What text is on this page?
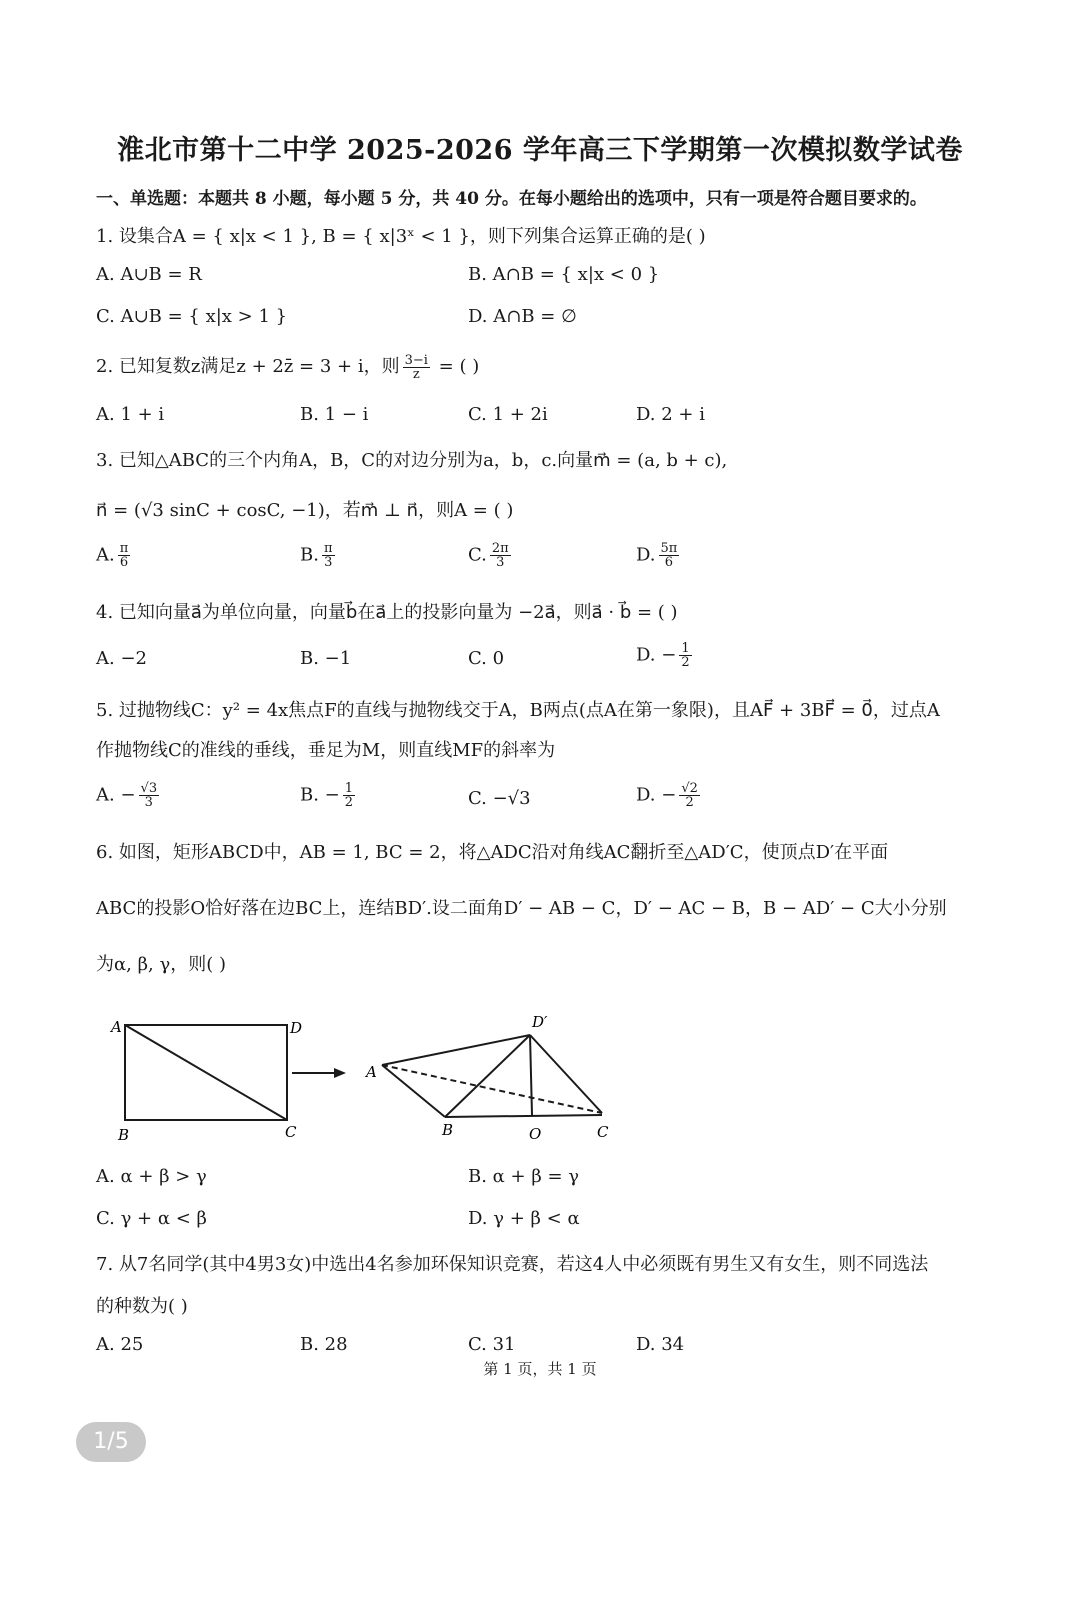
淮北市第十二中学 2025-2026 学年高三下学期第一次模拟数学试卷
一、单选题：本题共 8 小题，每小题 5 分，共 40 分。在每小题给出的选项中，只有一项是符合题目要求的。
1. 设集合A = { x|x < 1 }, B = { x|3ˣ < 1 }，则下列集合运算正确的是( )
A. A∪B = R	B. A∩B = { x|x < 0 }
C. A∪B = { x|x > 1 }	D. A∩B = ∅
2. 已知复数z满足z + 2z̄ = 3 + i，则 $\frac{3-i}{z}$ = ( )
A. 1 + i	B. 1 − i	C. 1 + 2i	D. 2 + i
3. 已知△ABC的三个内角A，B，C的对边分别为a，b，c.向量m⃗ = (a, b + c),
n⃗ = (√3 sinC + cosC, −1)，若m⃗ ⊥ n⃗，则A = ( )
A. $\frac{\pi}{6}$	B. $\frac{\pi}{3}$	C. $\frac{2\pi}{3}$	D. $\frac{5\pi}{6}$
4. 已知向量a⃗为单位向量，向量b⃗在a⃗上的投影向量为 −2a⃗，则a⃗ · b⃗ = ( )
A. −2	B. −1	C. 0	D. − $\frac{1}{2}$
5. 过抛物线C：y² = 4x焦点F的直线与抛物线交于A，B两点(点A在第一象限)，且AF⃗ + 3BF⃗ = 0⃗，过点A
作抛物线C的准线的垂线，垂足为M，则直线MF的斜率为
A. − $\frac{√3}{3}$	B. − $\frac{1}{2}$	C. −√3	D. − $\frac{√2}{2}$
6. 如图，矩形ABCD中，AB = 1, BC = 2，将△ADC沿对角线AC翻折至△AD′C，使顶点D′在平面
ABC的投影O恰好落在边BC上，连结BD′.设二面角D′ − AB − C，D′ − AC − B，B − AD′ − C大小分别
为α, β, γ，则( )
A	D
B	C
A
B	O	C
D′
A. α + β > γ	B. α + β = γ
C. γ + α < β	D. γ + β < α
7. 从7名同学(其中4男3女)中选出4名参加环保知识竞赛，若这4人中必须既有男生又有女生，则不同选法
的种数为( )
A. 25	B. 28	C. 31	D. 34
第 1 页，共 1 页
1/5
